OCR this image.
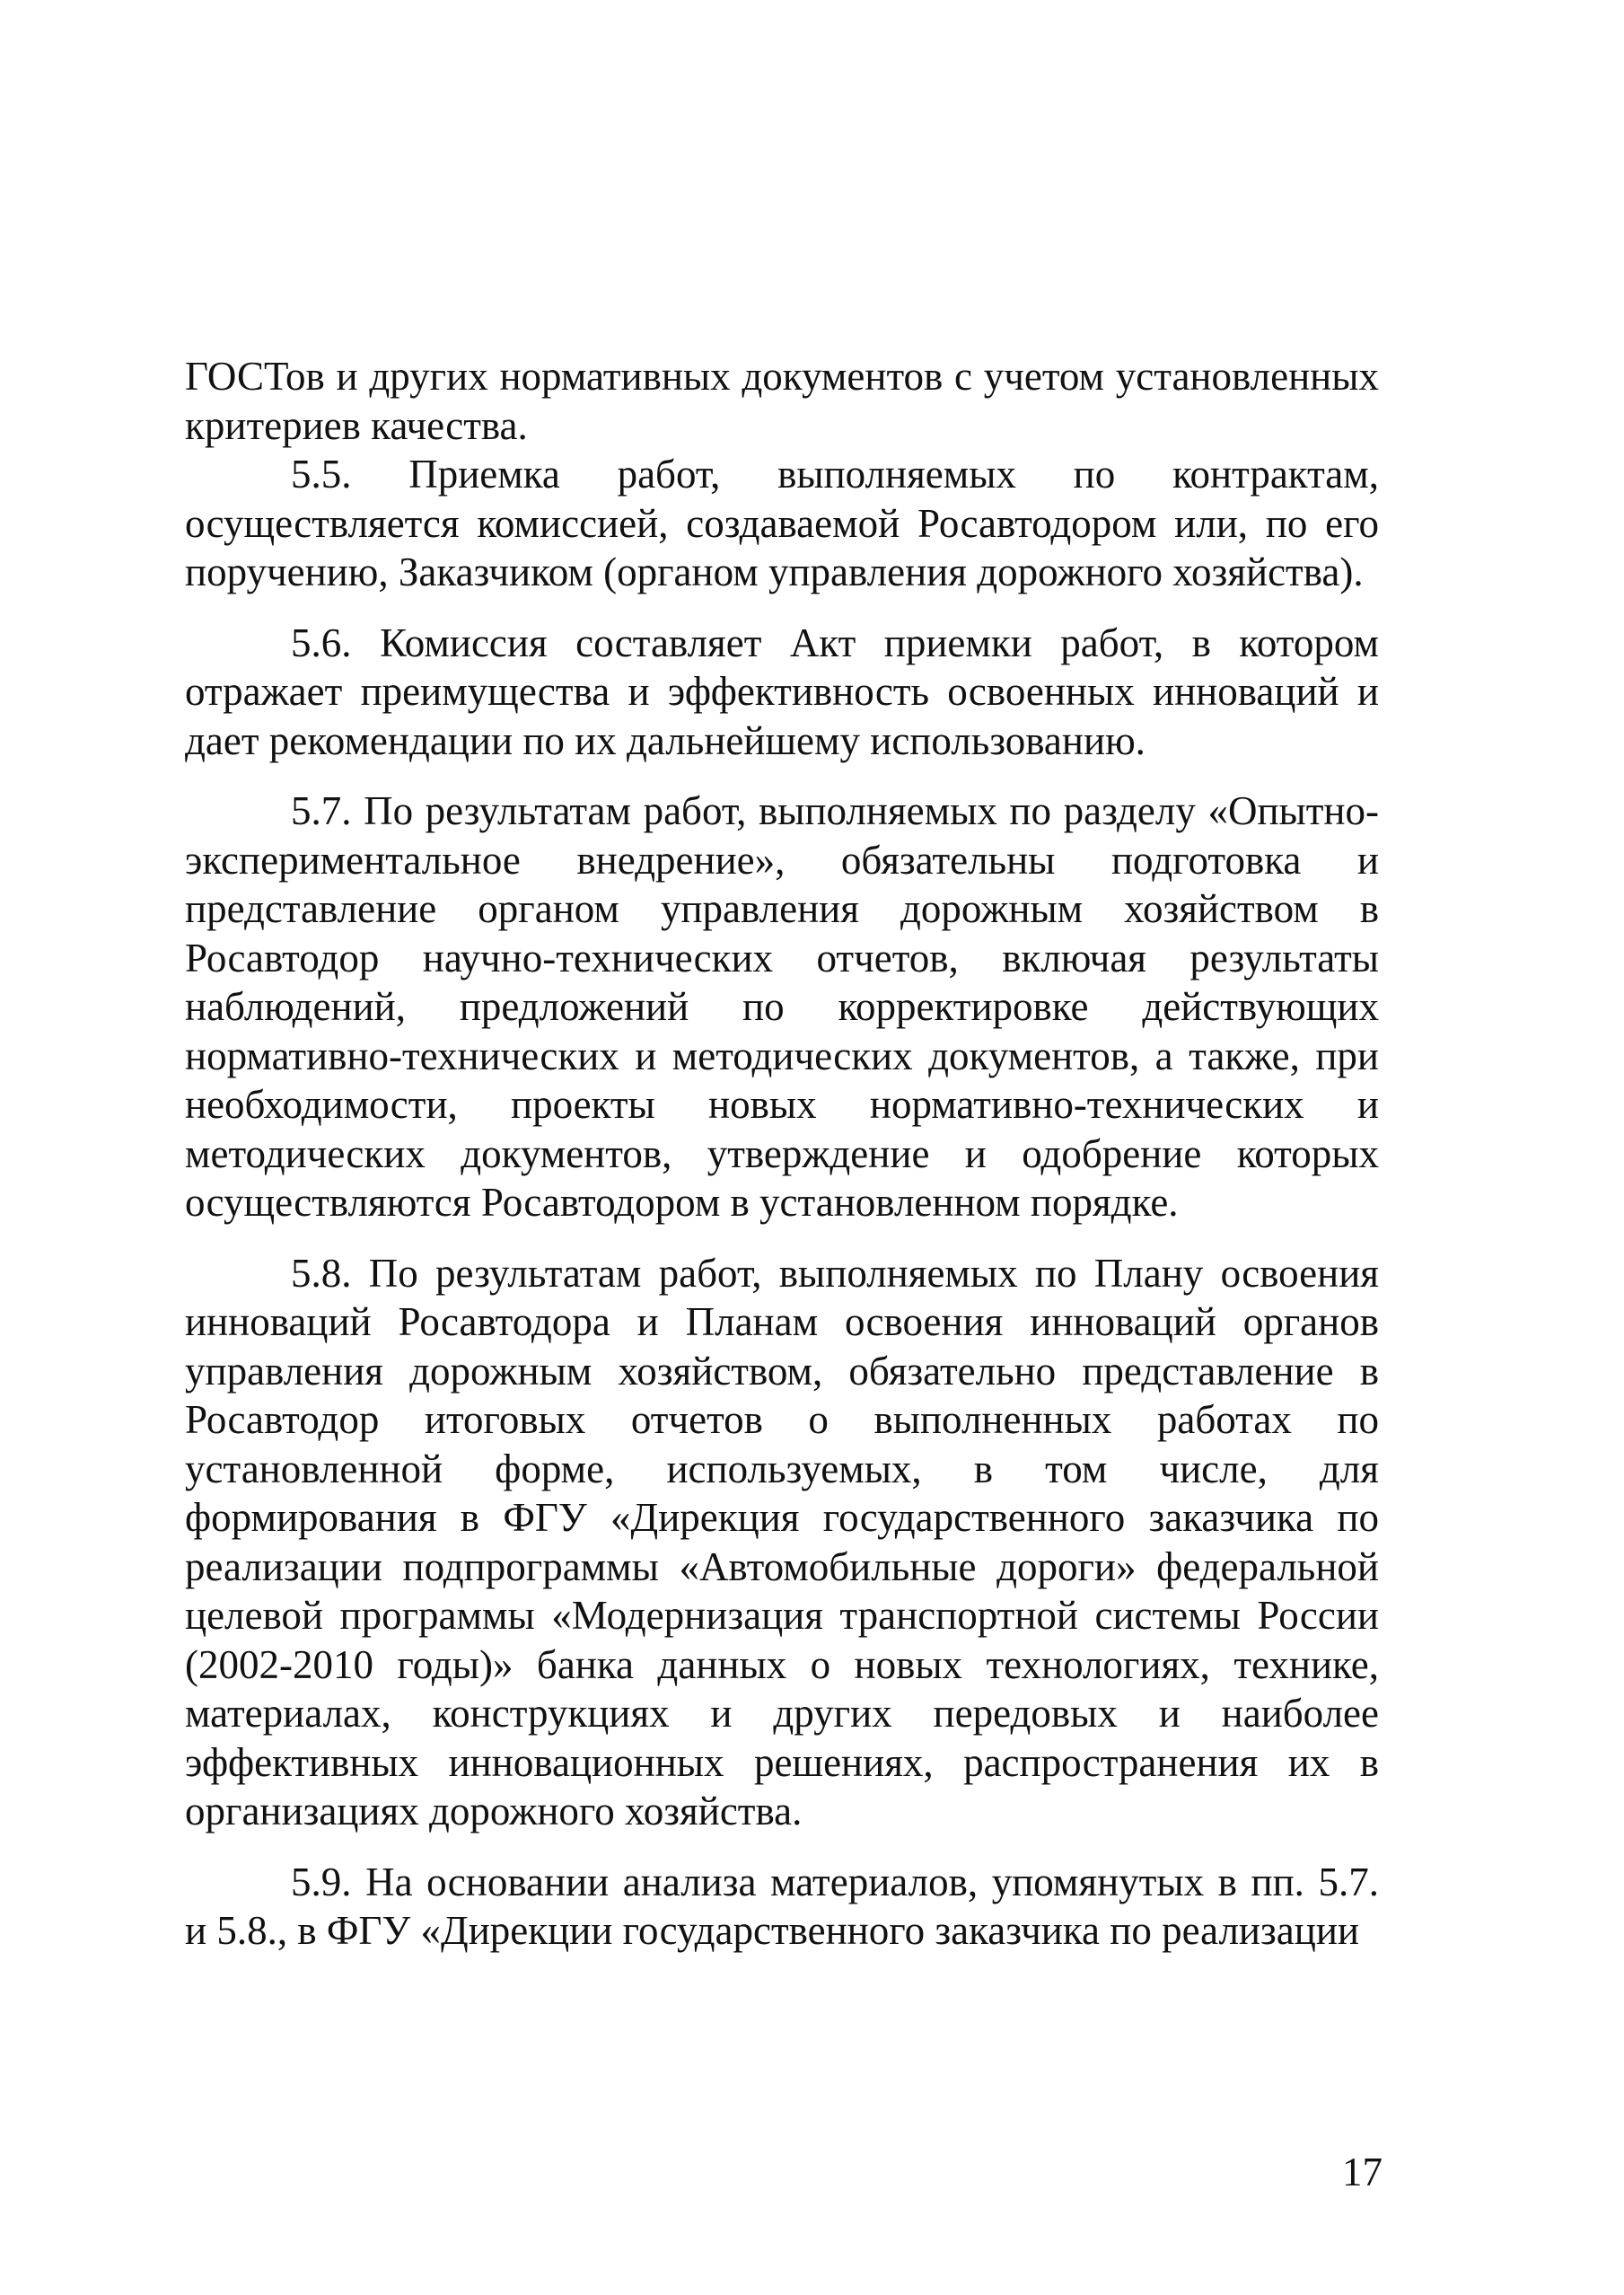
ГОСТов и других нормативных документов с учетом установленных критериев качества.

5.5. Приемка работ, выполняемых по контрактам, осуществляется комиссией, создаваемой Росавтодором или, по его поручению, Заказчиком (органом управления дорожного хозяйства).

5.6. Комиссия составляет Акт приемки работ, в котором отражает преимущества и эффективность освоенных инноваций и дает рекомендации по их дальнейшему использованию.

5.7. По результатам работ, выполняемых по разделу «Опытно-экспериментальное внедрение», обязательны подготовка и представление органом управления дорожным хозяйством в Росавтодор научно-технических отчетов, включая результаты наблюдений, предложений по корректировке действующих нормативно-технических и методических документов, а также, при необходимости, проекты новых нормативно-технических и методических документов, утверждение и одобрение которых осуществляются Росавтодором в установленном порядке.

5.8. По результатам работ, выполняемых по Плану освоения инноваций Росавтодора и Планам освоения инноваций органов управления дорожным хозяйством, обязательно представление в Росавтодор итоговых отчетов о выполненных работах по установленной форме, используемых, в том числе, для формирования в ФГУ «Дирекция государственного заказчика по реализации подпрограммы «Автомобильные дороги» федеральной целевой программы «Модернизация транспортной системы России (2002-2010 годы)» банка данных о новых технологиях, технике, материалах, конструкциях и других передовых и наиболее эффективных инновационных решениях, распространения их в организациях дорожного хозяйства.

5.9. На основании анализа материалов, упомянутых в пп. 5.7. и 5.8., в ФГУ «Дирекции государственного заказчика по реализации

17
